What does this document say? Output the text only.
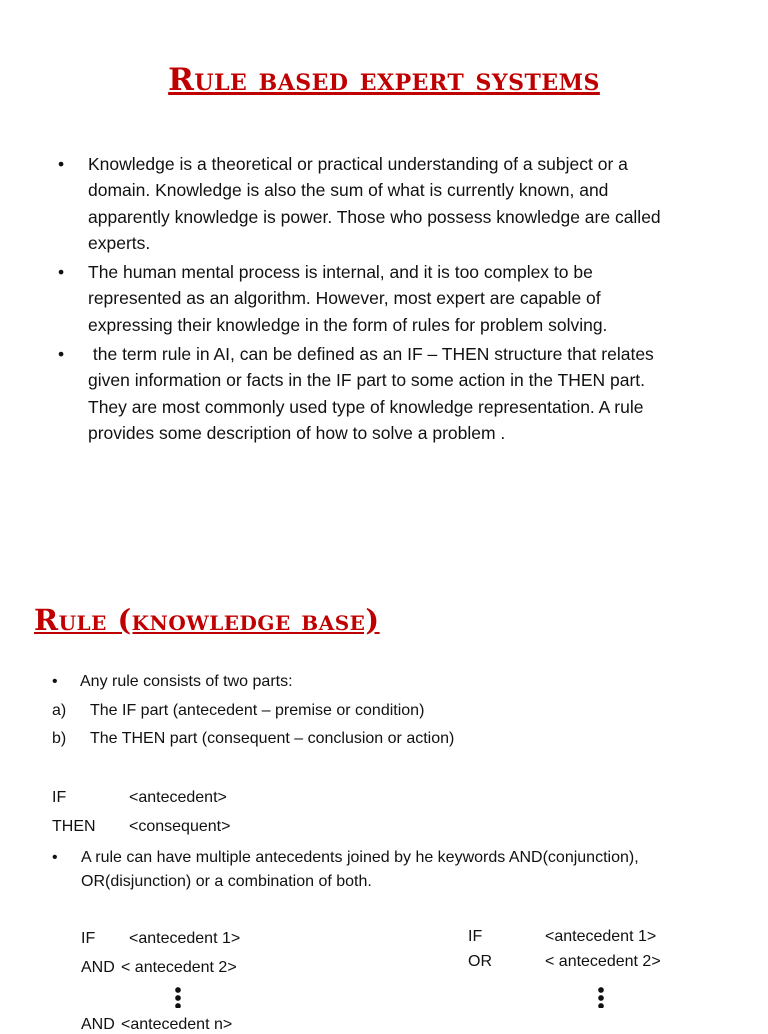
Rule based expert systems
• Knowledge is a theoretical or practical understanding of a subject or a domain. Knowledge is also the sum of what is currently known, and apparently knowledge is power. Those who possess knowledge are called experts.
• The human mental process is internal, and it is too complex to be represented as an algorithm. However, most expert are capable of expressing their knowledge in the form of rules for problem solving.
• the term rule in AI, can be defined as an IF – THEN structure that relates given information or facts in the IF part to some action in the THEN part. They are most commonly used type of knowledge representation. A rule provides some description of how to solve a problem .
Rule (knowledge base)
• Any rule consists of two parts:
a) The IF part (antecedent – premise or condition)
b) The THEN part (consequent – conclusion or action)
IF	<antecedent>
THEN <consequent>
• A rule can have multiple antecedents joined by he keywords AND(conjunction), OR(disjunction) or a combination of both.
IF <antecedent 1>
AND < antecedent 2>
AND <antecedent n>
IF	<antecedent 1>
OR	< antecedent 2>
